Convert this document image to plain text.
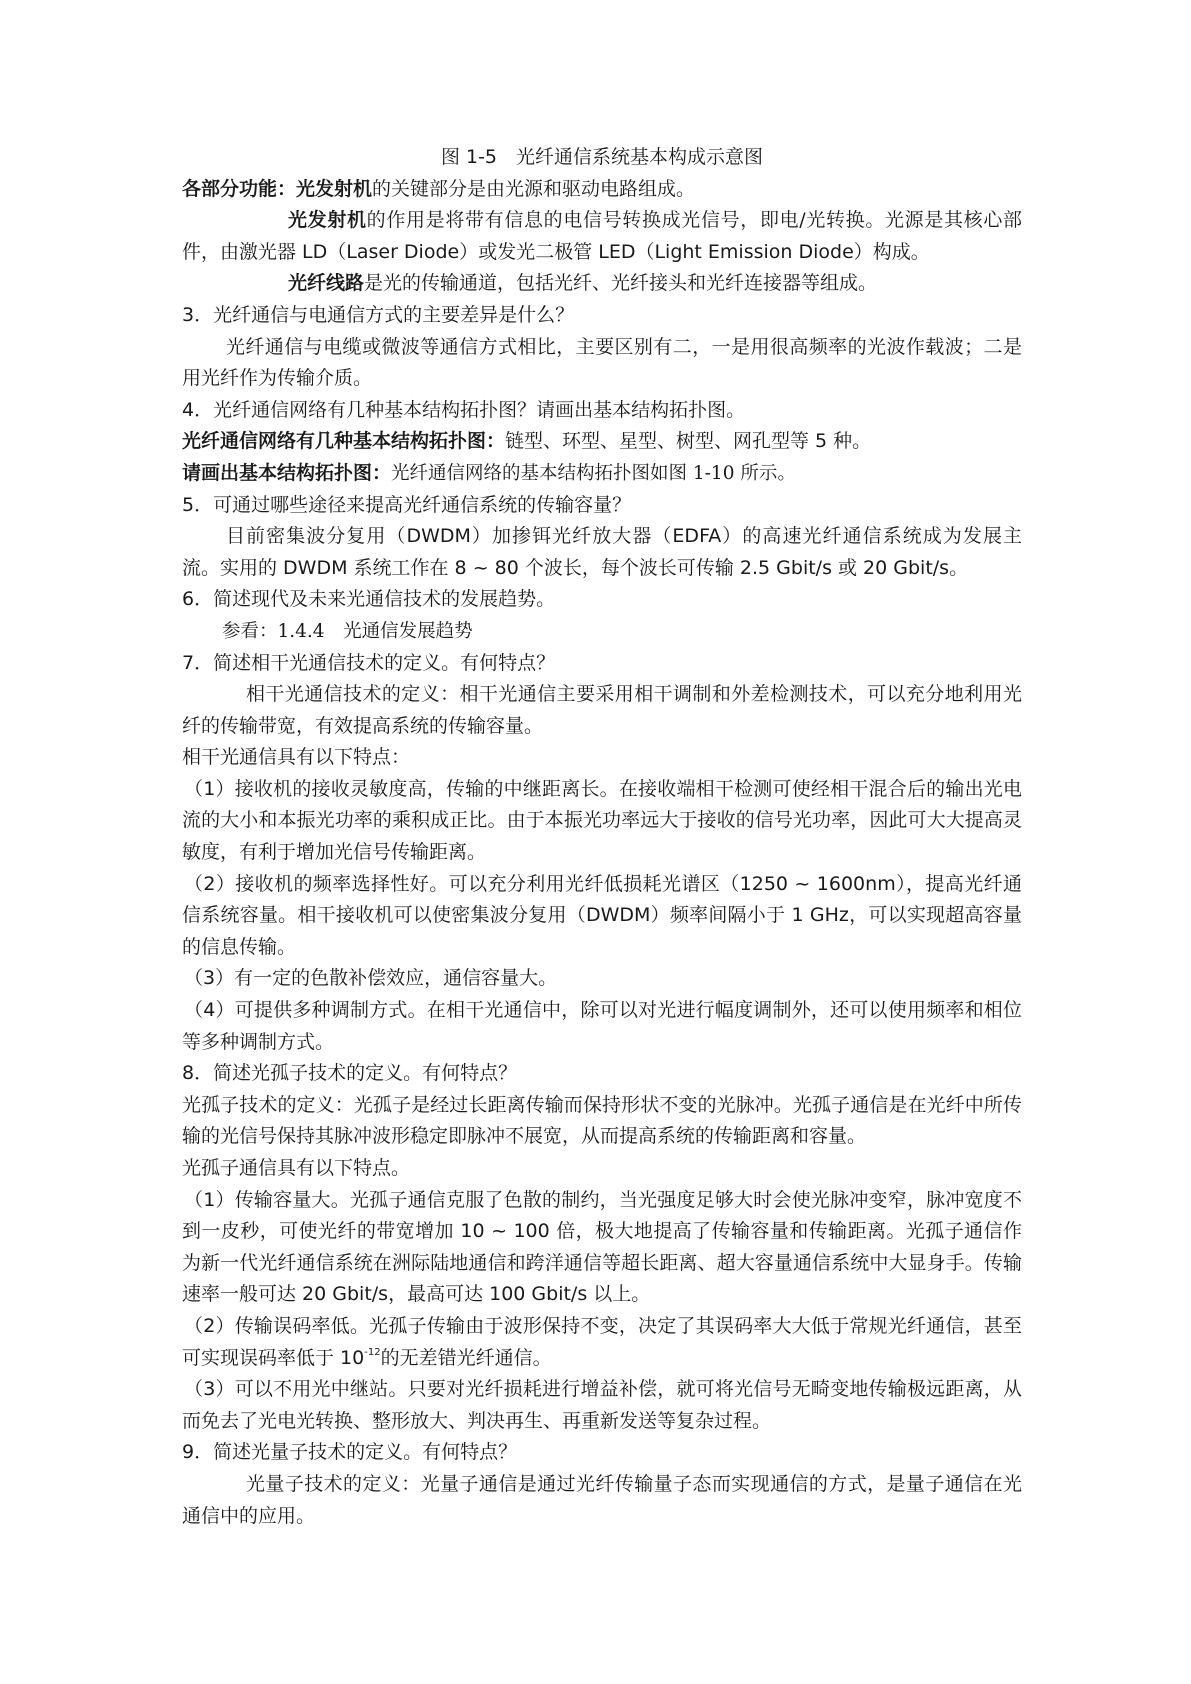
图 1-5　光纤通信系统基本构成示意图

各部分功能：光发射机的关键部分是由光源和驱动电路组成。

光发射机的作用是将带有信息的电信号转换成光信号，即电/光转换。光源是其核心部件，由激光器 LD（Laser Diode）或发光二极管 LED（Light Emission Diode）构成。

光纤线路是光的传输通道，包括光纤、光纤接头和光纤连接器等组成。

3．光纤通信与电通信方式的主要差异是什么？

光纤通信与电缆或微波等通信方式相比，主要区别有二，一是用很高频率的光波作载波；二是用光纤作为传输介质。

4．光纤通信网络有几种基本结构拓扑图？请画出基本结构拓扑图。

光纤通信网络有几种基本结构拓扑图：链型、环型、星型、树型、网孔型等 5 种。

请画出基本结构拓扑图：光纤通信网络的基本结构拓扑图如图 1-10 所示。

5．可通过哪些途径来提高光纤通信系统的传输容量？

目前密集波分复用（DWDM）加掺铒光纤放大器（EDFA）的高速光纤通信系统成为发展主流。实用的 DWDM 系统工作在 8 ~ 80 个波长，每个波长可传输 2.5 Gbit/s 或 20 Gbit/s。

6．简述现代及未来光通信技术的发展趋势。

参看：1.4.4　光通信发展趋势

7．简述相干光通信技术的定义。有何特点？

相干光通信技术的定义：相干光通信主要采用相干调制和外差检测技术，可以充分地利用光纤的传输带宽，有效提高系统的传输容量。

相干光通信具有以下特点：

（1）接收机的接收灵敏度高，传输的中继距离长。在接收端相干检测可使经相干混合后的输出光电流的大小和本振光功率的乘积成正比。由于本振光功率远大于接收的信号光功率，因此可大大提高灵敏度，有利于增加光信号传输距离。

（2）接收机的频率选择性好。可以充分利用光纤低损耗光谱区（1250 ~ 1600nm），提高光纤通信系统容量。相干接收机可以使密集波分复用（DWDM）频率间隔小于 1 GHz，可以实现超高容量的信息传输。

（3）有一定的色散补偿效应，通信容量大。

（4）可提供多种调制方式。在相干光通信中，除可以对光进行幅度调制外，还可以使用频率和相位等多种调制方式。

8．简述光孤子技术的定义。有何特点？

光孤子技术的定义：光孤子是经过长距离传输而保持形状不变的光脉冲。光孤子通信是在光纤中所传输的光信号保持其脉冲波形稳定即脉冲不展宽，从而提高系统的传输距离和容量。

光孤子通信具有以下特点。

（1）传输容量大。光孤子通信克服了色散的制约，当光强度足够大时会使光脉冲变窄，脉冲宽度不到一皮秒，可使光纤的带宽增加 10 ~ 100 倍，极大地提高了传输容量和传输距离。光孤子通信作为新一代光纤通信系统在洲际陆地通信和跨洋通信等超长距离、超大容量通信系统中大显身手。传输速率一般可达 20 Gbit/s，最高可达 100 Gbit/s 以上。

（2）传输误码率低。光孤子传输由于波形保持不变，决定了其误码率大大低于常规光纤通信，甚至可实现误码率低于 $10^{-12}$的无差错光纤通信。

（3）可以不用光中继站。只要对光纤损耗进行增益补偿，就可将光信号无畸变地传输极远距离，从而免去了光电光转换、整形放大、判决再生、再重新发送等复杂过程。

9．简述光量子技术的定义。有何特点？

光量子技术的定义：光量子通信是通过光纤传输量子态而实现通信的方式，是量子通信在光通信中的应用。
